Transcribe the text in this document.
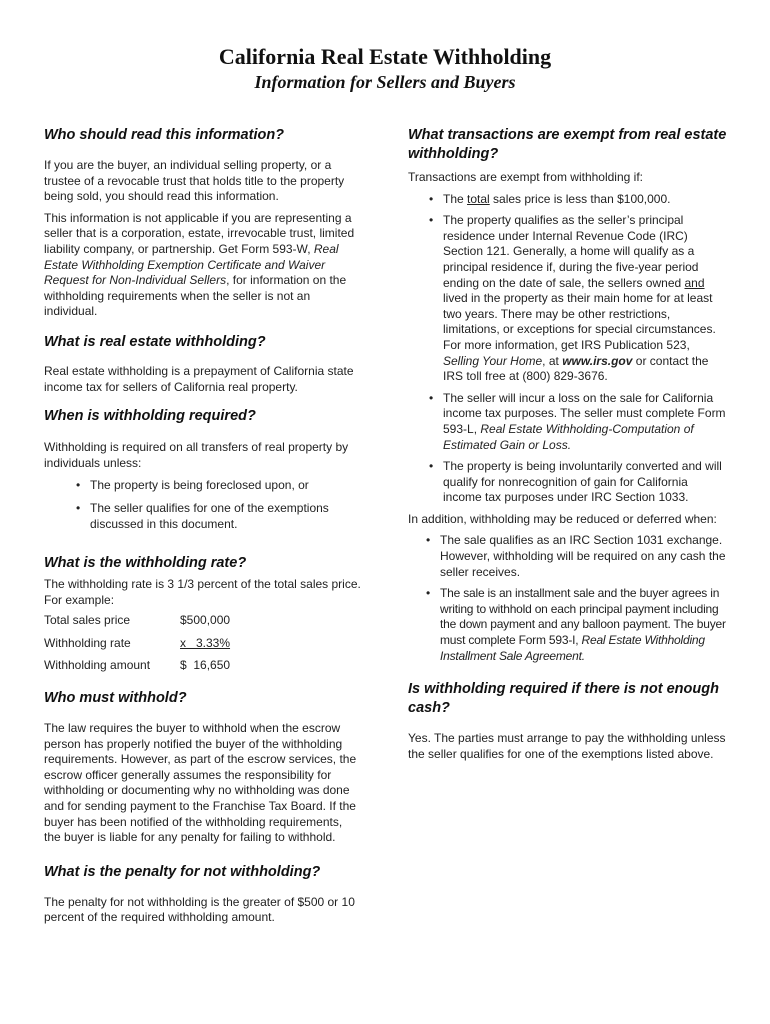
California Real Estate Withholding
Information for Sellers and Buyers
Who should read this information?

If you are the buyer, an individual selling property, or a trustee of a revocable trust that holds title to the property being sold, you should read this information.

This information is not applicable if you are representing a seller that is a corporation, estate, irrevocable trust, limited liability company, or partnership. Get Form 593-W, Real Estate Withholding Exemption Certificate and Waiver Request for Non-Individual Sellers, for information on the withholding requirements when the seller is not an individual.

What is real estate withholding?

Real estate withholding is a prepayment of California state income tax for sellers of California real property.

When is withholding required?

Withholding is required on all transfers of real property by individuals unless:

• The property is being foreclosed upon, or
• The seller qualifies for one of the exemptions discussed in this document.
What is the withholding rate?

The withholding rate is 3 1/3 percent of the total sales price. For example:

Total sales price	$500,000
Withholding rate	x   3.33%
Withholding amount	$  16,650
Who must withhold?

The law requires the buyer to withhold when the escrow person has properly notified the buyer of the withholding requirements. However, as part of the escrow services, the escrow officer generally assumes the responsibility for withholding or documenting why no withholding was done and for sending payment to the Franchise Tax Board. If the buyer has been notified of the withholding requirements, the buyer is liable for any penalty for failing to withhold.

What is the penalty for not withholding?

The penalty for not withholding is the greater of $500 or 10 percent of the required withholding amount.

What transactions are exempt from real estate withholding?

Transactions are exempt from withholding if:

• The total sales price is less than $100,000.
• The property qualifies as the seller’s principal residence under Internal Revenue Code (IRC) Section 121. Generally, a home will qualify as a principal residence if, during the five-year period ending on the date of sale, the sellers owned and lived in the property as their main home for at least two years. There may be other restrictions, limitations, or exceptions for special circumstances. For more information, get IRS Publication 523, Selling Your Home, at www.irs.gov or contact the IRS toll free at (800) 829-3676.
• The seller will incur a loss on the sale for California income tax purposes. The seller must complete Form 593-L, Real Estate Withholding-Computation of Estimated Gain or Loss.
• The property is being involuntarily converted and will qualify for nonrecognition of gain for California income tax purposes under IRC Section 1033.

In addition, withholding may be reduced or deferred when:

• The sale qualifies as an IRC Section 1031 exchange. However, withholding will be required on any cash the seller receives.
• The sale is an installment sale and the buyer agrees in writing to withhold on each principal payment including the down payment and any balloon payment. The buyer must complete Form 593-I, Real Estate Withholding Installment Sale Agreement.
Is withholding required if there is not enough cash?

Yes. The parties must arrange to pay the withholding unless the seller qualifies for one of the exemptions listed above.
